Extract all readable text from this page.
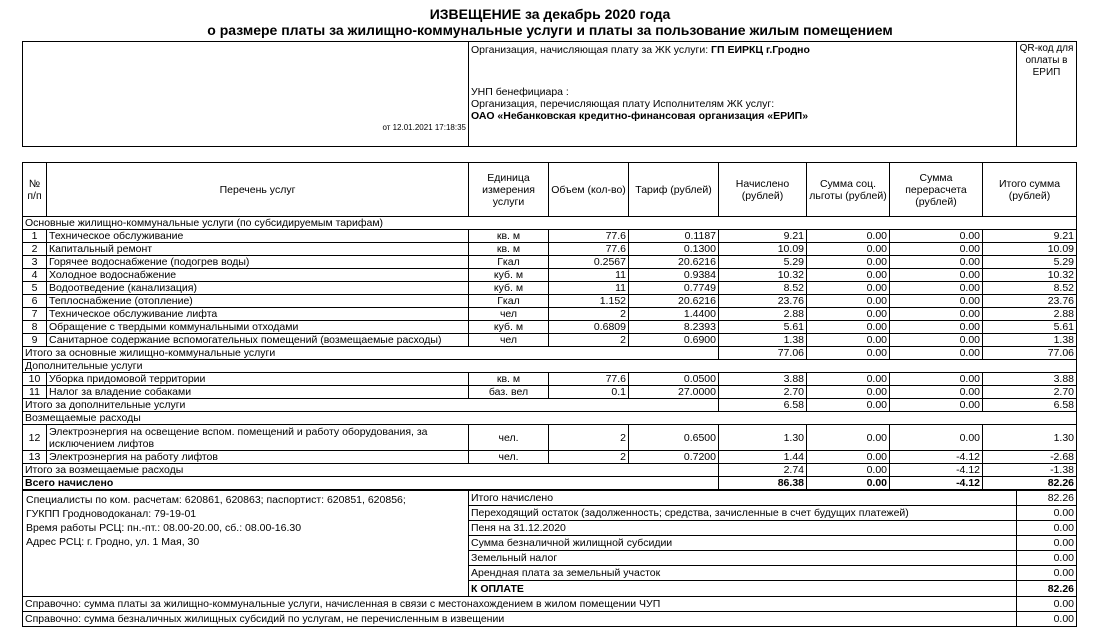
ИЗВЕЩЕНИЕ за декабрь 2020 года
о размере платы за жилищно-коммунальные услуги и платы за пользование жилым помещением
от 12.01.2021 17:18:35	
Организация, начисляющая плату за ЖК услуги: ГП ЕИРКЦ г.Гродно
УНП бенефициара :
Организация, перечисляющая плату Исполнителям ЖК услуг:
ОАО «Небанковская кредитно-финансовая организация «ЕРИП»
	QR-код для оплаты в ЕРИП
№ п/п	Перечень услуг	Единица измерения услуги	Объем (кол-во)	Тариф (рублей)	Начислено (рублей)	Сумма соц. льготы (рублей)	Сумма перерасчета (рублей)	Итого сумма (рублей)
Основные жилищно-коммунальные услуги (по субсидируемым тарифам)								
1	Техническое обслуживание	кв. м	77.6	0.1187	9.21	0.00	0.00	9.21
2	Капитальный ремонт	кв. м	77.6	0.1300	10.09	0.00	0.00	10.09
3	Горячее водоснабжение (подогрев воды)	Гкал	0.2567	20.6216	5.29	0.00	0.00	5.29
4	Холодное водоснабжение	куб. м	11	0.9384	10.32	0.00	0.00	10.32
5	Водоотведение (канализация)	куб. м	11	0.7749	8.52	0.00	0.00	8.52
6	Теплоснабжение (отопление)	Гкал	1.152	20.6216	23.76	0.00	0.00	23.76
7	Техническое обслуживание лифта	чел	2	1.4400	2.88	0.00	0.00	2.88
8	Обращение с твердыми коммунальными отходами	куб. м	0.6809	8.2393	5.61	0.00	0.00	5.61
9	Санитарное содержание вспомогательных помещений (возмещаемые расходы)	чел	2	0.6900	1.38	0.00	0.00	1.38
Итого за основные жилищно-коммунальные услуги					77.06	0.00	0.00	77.06
Дополнительные услуги								
10	Уборка придомовой территории	кв. м	77.6	0.0500	3.88	0.00	0.00	3.88
11	Налог за владение собаками	баз. вел	0.1	27.0000	2.70	0.00	0.00	2.70
Итого за дополнительные услуги					6.58	0.00	0.00	6.58
Возмещаемые расходы								
12	Электроэнергия на освещение вспом. помещений и работу оборудования, за исключением лифтов	чел.	2	0.6500	1.30	0.00	0.00	1.30
13	Электроэнергия на работу лифтов	чел.	2	0.7200	1.44	0.00	-4.12	-2.68
Итого за возмещаемые расходы					2.74	0.00	-4.12	-1.38
Всего начислено					86.38	0.00	-4.12	82.26
Специалисты по ком. расчетам: 620861, 620863; паспортист: 620851, 620856;
ГУКПП Гродноводоканал: 79-19-01
Время работы РСЦ: пн.-пт.: 08.00-20.00, сб.: 08.00-16.30
Адрес РСЦ: г. Гродно, ул. 1 Мая, 30	Итого начислено	82.26
	Переходящий остаток (задолженность; средства, зачисленные в счет будущих платежей)	0.00
	Пеня на 31.12.2020	0.00
	Сумма безналичной жилищной субсидии	0.00
	Земельный налог	0.00
	Арендная плата за земельный участок	0.00
	К ОПЛАТЕ	82.26
Справочно: сумма платы за жилищно-коммунальные услуги, начисленная в связи с местонахождением в жилом помещении ЧУП		0.00
Справочно: сумма безналичных жилищных субсидий по услугам, не перечисленным в извещении		0.00
